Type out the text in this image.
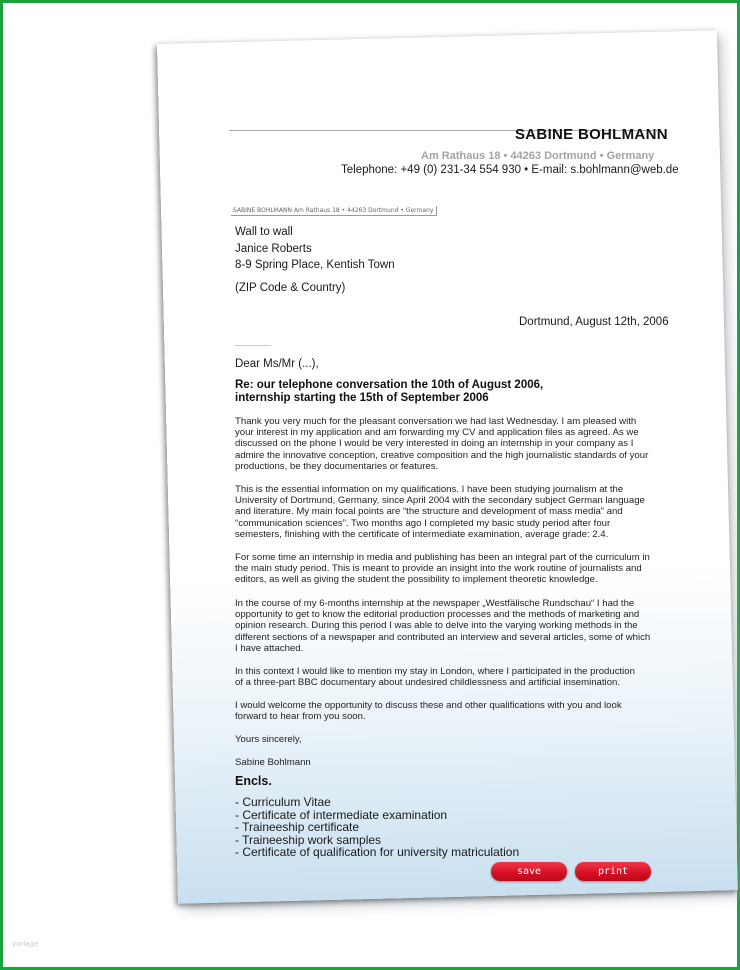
vorlage
SABINE BOHLMANN
Am Rathaus 18 • 44263 Dortmund • Germany
Telephone: +49 (0) 231-34 554 930 • E-mail: s.bohlmann@web.de
SABINE BOHLMANN Am Rathaus 18 • 44263 Dortmund • Germany
Wall to wall
Janice Roberts
8-9 Spring Place, Kentish Town
(ZIP Code & Country)
Dortmund, August 12th, 2006
Dear Ms/Mr (...),
Re: our telephone conversation the 10th of August 2006,
internship starting the 15th of September 2006
Thank you very much for the pleasant conversation we had last Wednesday. I am pleased with
your interest in my application and am forwarding my CV and application files as agreed. As we
discussed on the phone I would be very interested in doing an internship in your company as I
admire the innovative conception, creative composition and the high journalistic standards of your
productions, be they documentaries or features.
This is the essential information on my qualifications. I have been studying journalism at the
University of Dortmund, Germany, since April 2004 with the secondary subject German language
and literature. My main focal points are “the structure and development of mass media” and
“communication sciences”. Two months ago I completed my basic study period after four
semesters, finishing with the certificate of intermediate examination, average grade: 2.4.
For some time an internship in media and publishing has been an integral part of the curriculum in
the main study period. This is meant to provide an insight into the work routine of journalists and
editors, as well as giving the student the possibility to implement theoretic knowledge.
In the course of my 6-months internship at the newspaper „Westfälische Rundschau“ I had the
opportunity to get to know the editorial production processes and the methods of marketing and
opinion research. During this period I was able to delve into the varying working methods in the
different sections of a newspaper and contributed an interview and several articles, some of which
I have attached.
In this context I would like to mention my stay in London, where I participated in the production
of a three-part BBC documentary about undesired childlessness and artificial insemination.
I would welcome the opportunity to discuss these and other qualifications with you and look
forward to hear from you soon.
Yours sincerely,
Sabine Bohlmann
Encls.
- Curriculum Vitae
- Certificate of intermediate examination
- Traineeship certificate
- Traineeship work samples
- Certificate of qualification for university matriculation
save	print
